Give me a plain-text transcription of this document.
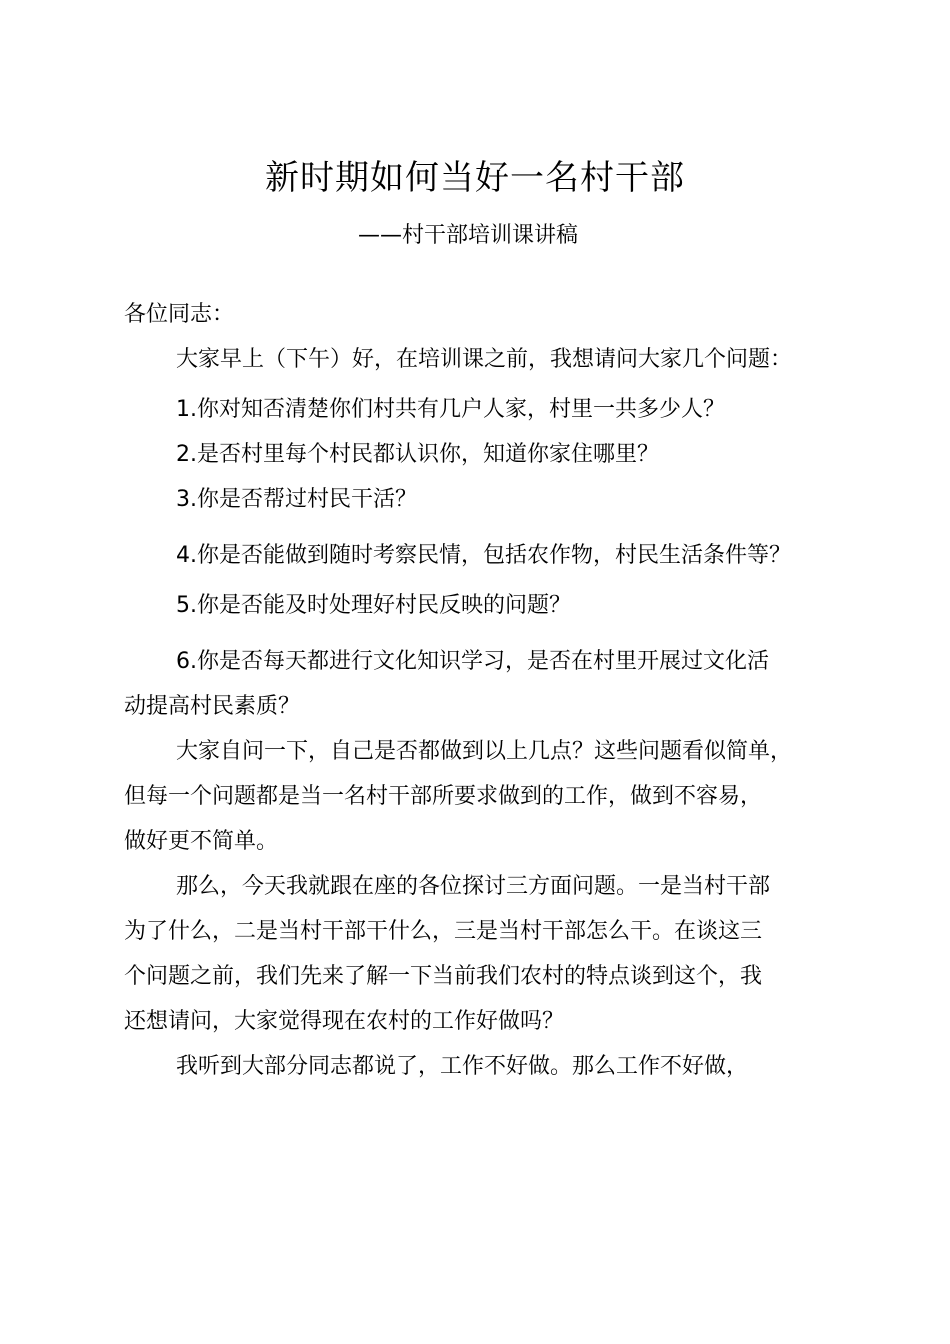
新时期如何当好一名村干部
——村干部培训课讲稿
各位同志：
大家早上（下午）好，在培训课之前，我想请问大家几个问题：
1.你对知否清楚你们村共有几户人家，村里一共多少人？
2.是否村里每个村民都认识你，知道你家住哪里？
3.你是否帮过村民干活？
4.你是否能做到随时考察民情，包括农作物，村民生活条件等？
5.你是否能及时处理好村民反映的问题？
6.你是否每天都进行文化知识学习，是否在村里开展过文化活
动提高村民素质？
大家自问一下，自己是否都做到以上几点？这些问题看似简单，
但每一个问题都是当一名村干部所要求做到的工作，做到不容易，
做好更不简单。
那么，今天我就跟在座的各位探讨三方面问题。一是当村干部
为了什么，二是当村干部干什么，三是当村干部怎么干。在谈这三
个问题之前，我们先来了解一下当前我们农村的特点谈到这个，我
还想请问，大家觉得现在农村的工作好做吗？
我听到大部分同志都说了，工作不好做。那么工作不好做，
